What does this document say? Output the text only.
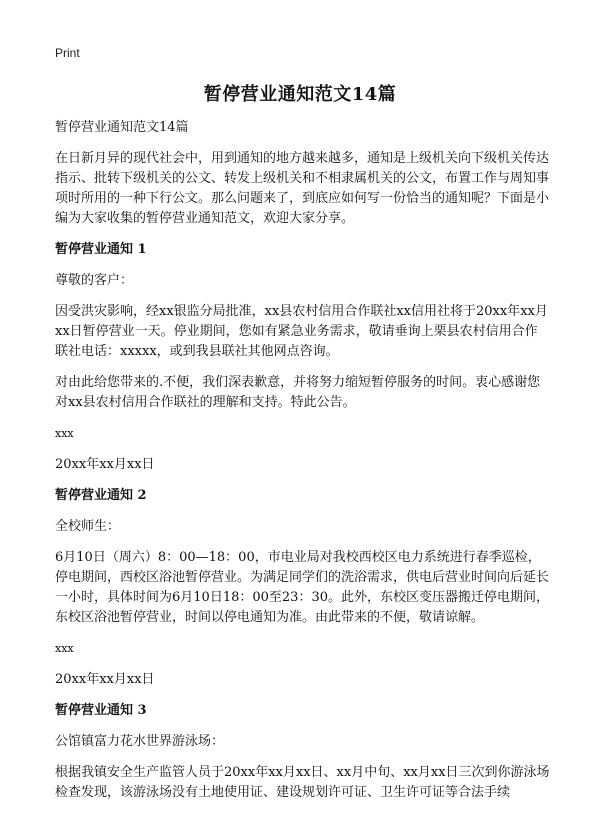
Print
暂停营业通知范文14篇

暂停营业通知范文14篇

在日新月异的现代社会中，用到通知的地方越来越多，通知是上级机关向下级机关传达指示、批转下级机关的公文、转发上级机关和不相隶属机关的公文，布置工作与周知事项时所用的一种下行公文。那么问题来了，到底应如何写一份恰当的通知呢？下面是小编为大家收集的暂停营业通知范文，欢迎大家分享。

暂停营业通知 1

尊敬的客户：

因受洪灾影响，经xx银监分局批准，xx县农村信用合作联社xx信用社将于20xx年xx月xx日暂停营业一天。停业期间，您如有紧急业务需求，敬请垂询上栗县农村信用合作联社电话：xxxxx，或到我县联社其他网点咨询。

对由此给您带来的.不便，我们深表歉意，并将努力缩短暂停服务的时间。衷心感谢您对xx县农村信用合作联社的理解和支持。特此公告。

xxx

20xx年xx月xx日

暂停营业通知 2

全校师生：

6月10日（周六）8：00—18：00，市电业局对我校西校区电力系统进行春季巡检，停电期间，西校区浴池暂停营业。为满足同学们的洗浴需求，供电后营业时间向后延长一小时，具体时间为6月10日18：00至23：30。此外，东校区变压器搬迁停电期间，东校区浴池暂停营业，时间以停电通知为准。由此带来的不便，敬请谅解。

xxx

20xx年xx月xx日

暂停营业通知 3

公馆镇富力花水世界游泳场：

根据我镇安全生产监管人员于20xx年xx月xx日、xx月中旬、xx月xx日三次到你游泳场检查发现，该游泳场没有土地使用证、建设规划许可证、卫生许可证等合法手续
